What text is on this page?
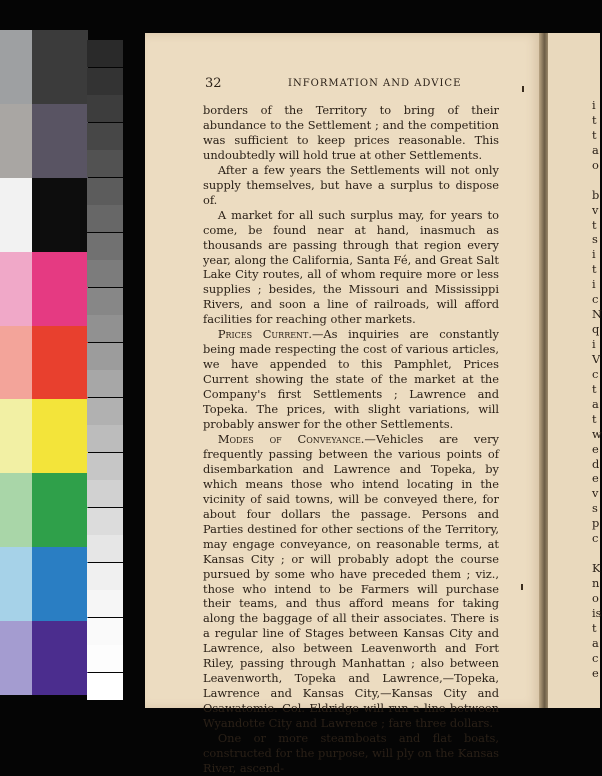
32	INFORMATION AND ADVICE

borders of the Territory to bring of their abundance to the Settlement ; and the competition was sufficient to keep prices reasonable. This undoubtedly will hold true at other Settlements.

After a few years the Settlements will not only supply themselves, but have a surplus to dispose of.

A market for all such surplus may, for years to come, be found near at hand, inasmuch as thousands are passing through that region every year, along the California, Santa Fé, and Great Salt Lake City routes, all of whom require more or less supplies ; besides, the Missouri and Mississippi Rivers, and soon a line of railroads, will afford facilities for reaching other markets.

Prices Current.—As inquiries are constantly being made respecting the cost of various articles, we have appended to this Pamphlet, Prices Current showing the state of the market at the Company's first Settlements ; Lawrence and Topeka. The prices, with slight variations, will probably answer for the other Settlements.

Modes of Conveyance.—Vehicles are very frequently passing between the various points of disembarkation and Lawrence and Topeka, by which means those who intend locating in the vicinity of said towns, will be conveyed there, for about four dollars the passage. Persons and Parties destined for other sections of the Territory, may engage conveyance, on reasonable terms, at Kansas City ; or will probably adopt the course pursued by some who have preceded them ; viz., those who intend to be Farmers will purchase their teams, and thus afford means for taking along the baggage of all their associates. There is a regular line of Stages between Kansas City and Lawrence, also between Leavenworth and Fort Riley, passing through Manhattan ; also between Leavenworth, Topeka and Lawrence,—Topeka, Lawrence and Kansas City,—Kansas City and Osawatomie. Col. Eldridge will run a line between Wyandotte City and Lawrence ; fare three dollars.

One or more steamboats and flat boats, constructed for the purpose, will ply on the Kansas River, ascend-

i
t
t
a
o
b
v
t
s
i
t
i
c
N
q
i
V
c
t
a
t
w
e
d
e
v
s
p
c
K
n
o
is
t
a
c
e
